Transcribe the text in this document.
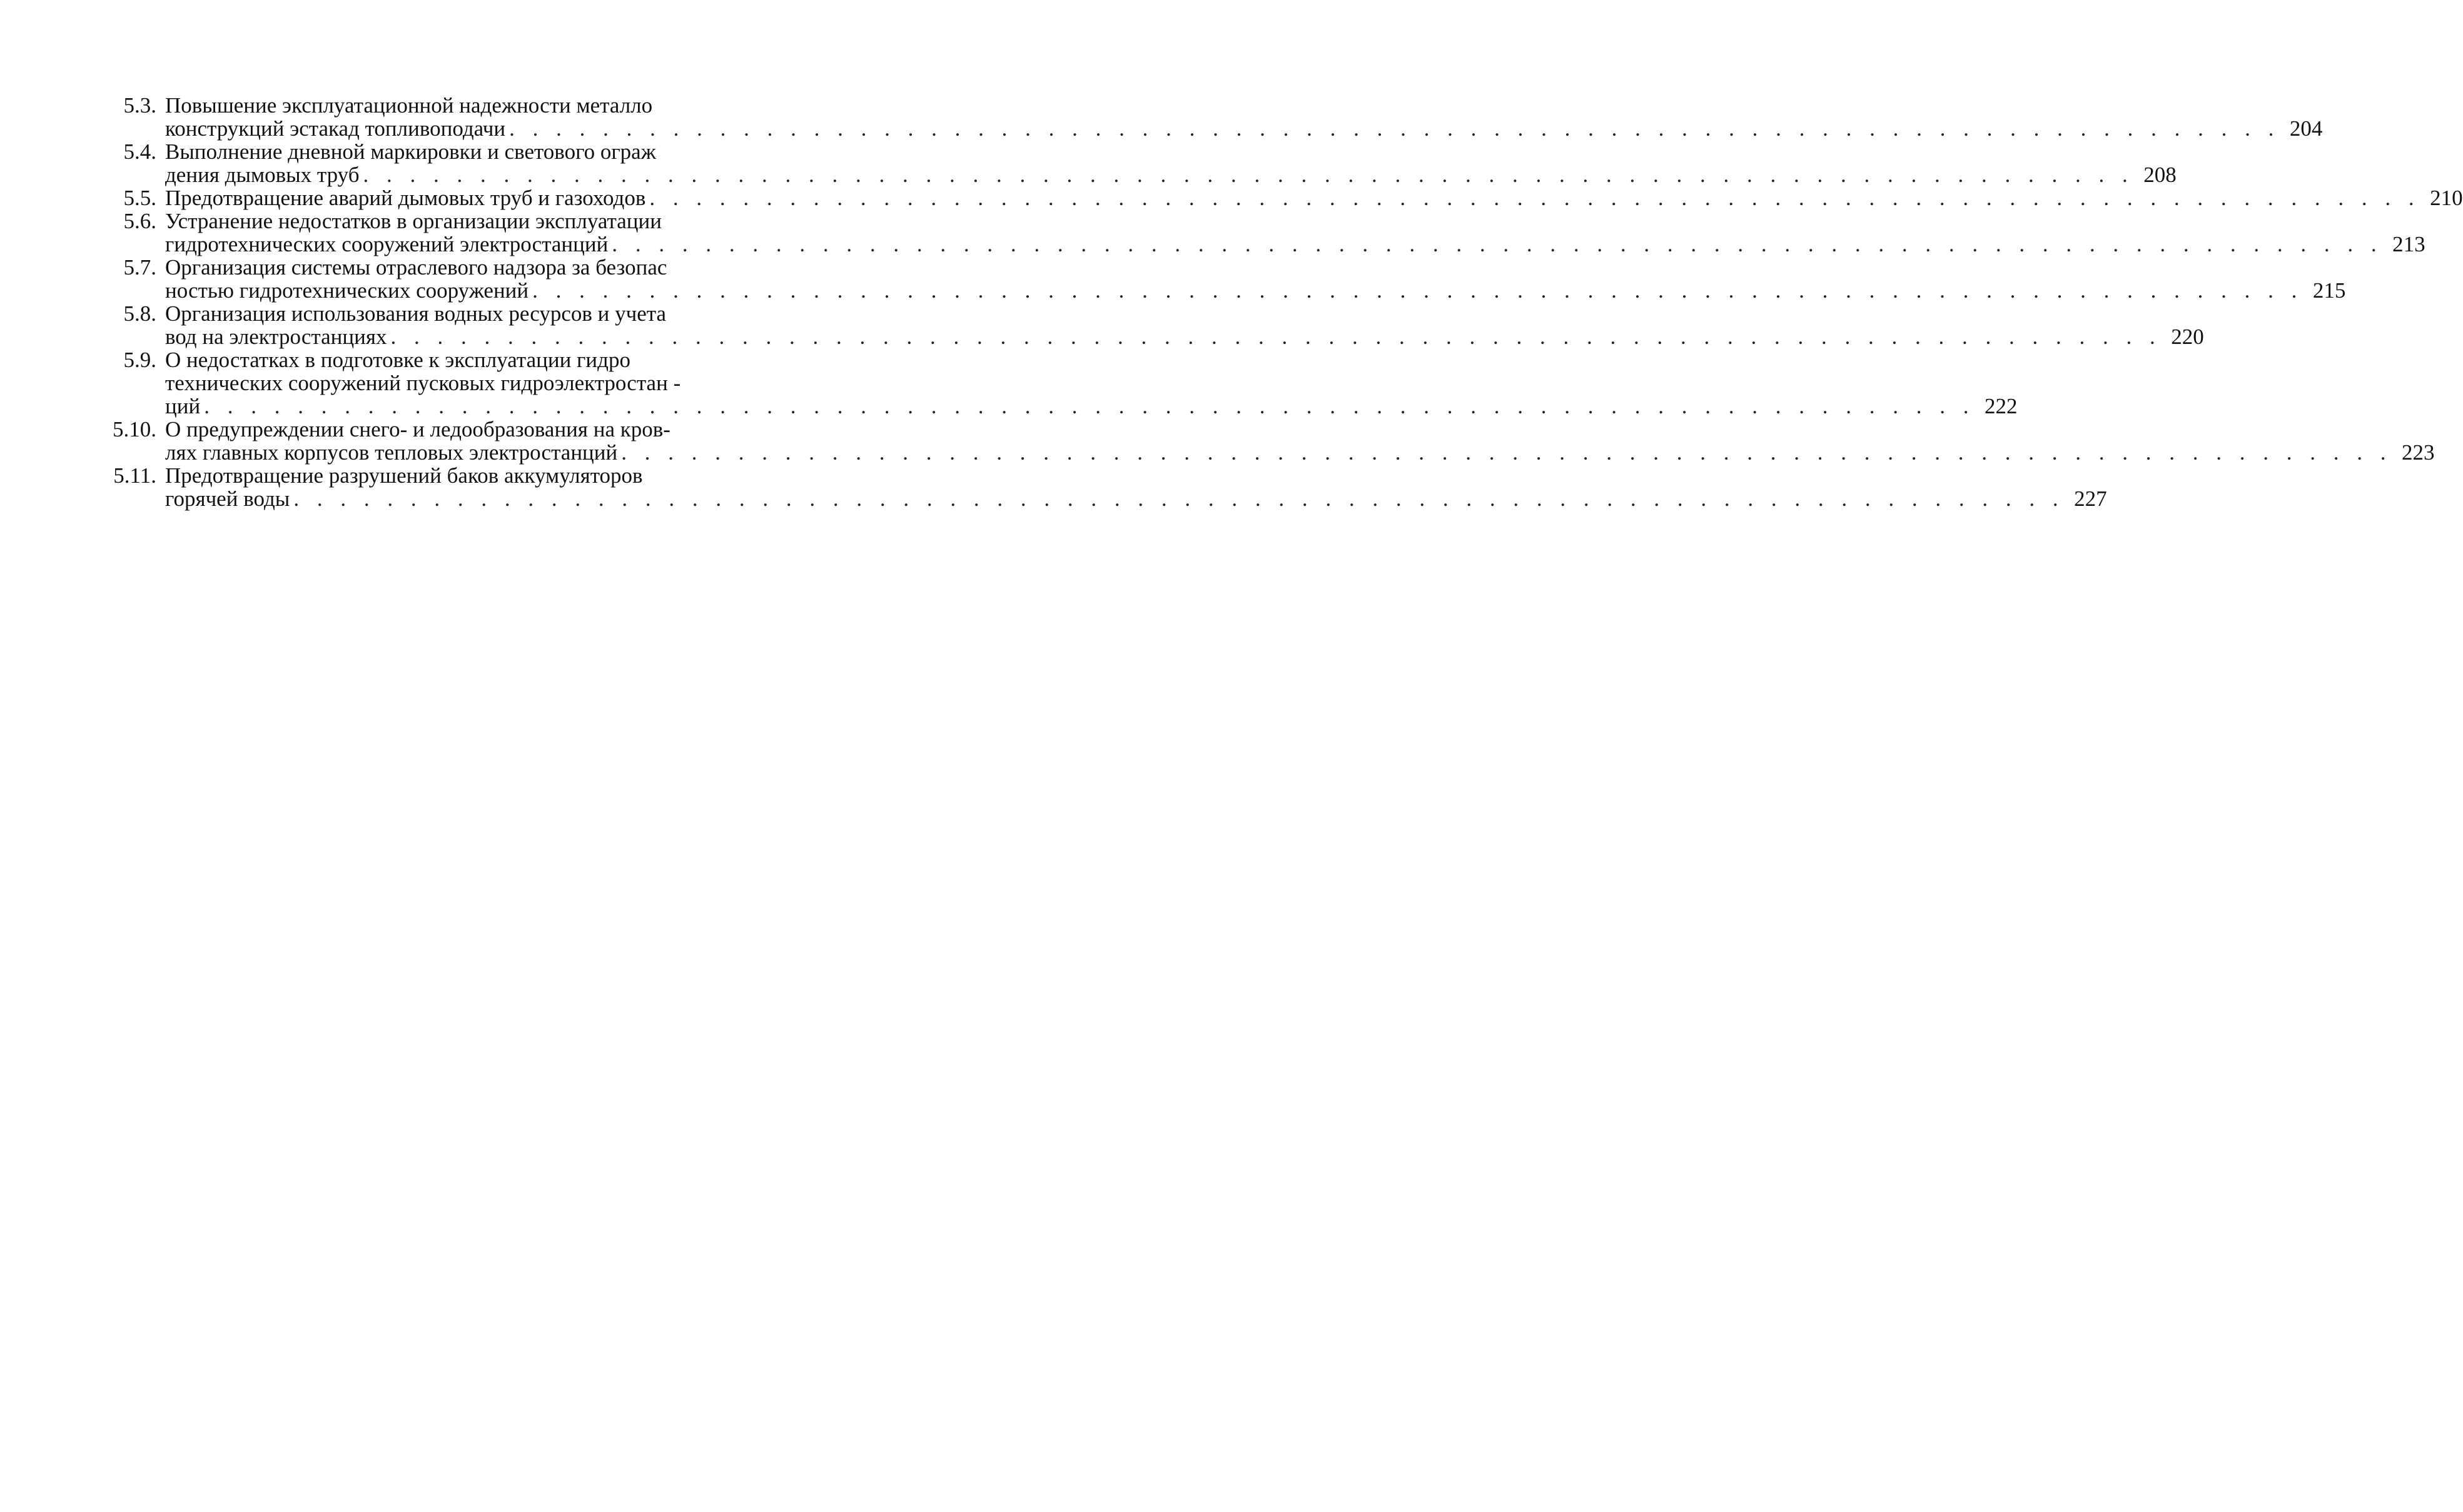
5.3. Повышение эксплуатационной надежности металло
конструкций эстакад топливоподачи . . .	204
5.4. Выполнение дневной маркировки и светового ограж
дения дымовых труб . . .	208
5.5. Предотвращение аварий дымовых труб и газоходов . . .	210
5.6. Устранение недостатков в организации эксплуатации
гидротехнических сооружений электростанций . . .	213
5.7. Организация системы отраслевого надзора за безопас
ностью гидротехнических сооружений . . .	215
5.8. Организация использования водных ресурсов и учета
вод на электростанциях . . .	220
5.9. О недостатках в подготовке к эксплуатации гидро
технических сооружений пусковых гидроэлектростан -
ций . . .	222
5.10. О предупреждении снего- и ледообразования на кров-
лях главных корпусов тепловых электростанций . . .	223
5.11. Предотвращение разрушений баков аккумуляторов
горячей воды . . .	227
